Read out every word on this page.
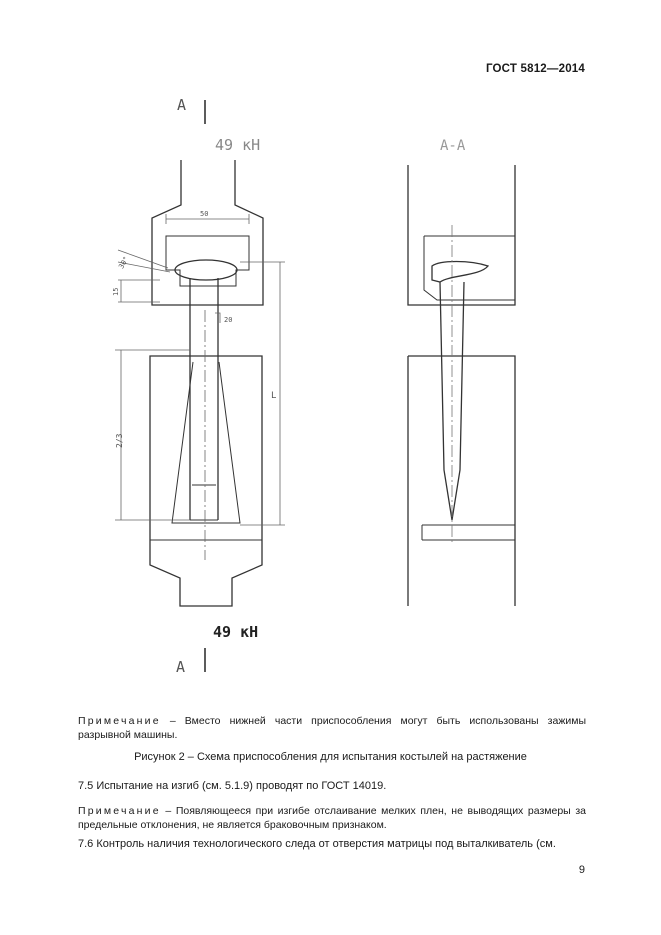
ГОСТ 5812—2014
А
А
А-А
49 кН
49 кН
50
30°
15
20
L
2/3
Примечание – Вместо нижней части приспособления могут быть использованы зажимы разрывной машины.
Рисунок 2 – Схема приспособления для испытания костылей на растяжение
7.5 Испытание на изгиб (см. 5.1.9) проводят по ГОСТ 14019.
Примечание – Появляющееся при изгибе отслаивание мелких плен, не выводящих размеры за предельные отклонения, не является браковочным признаком.
7.6 Контроль наличия технологического следа от отверстия матрицы под выталкиватель (см.
9
